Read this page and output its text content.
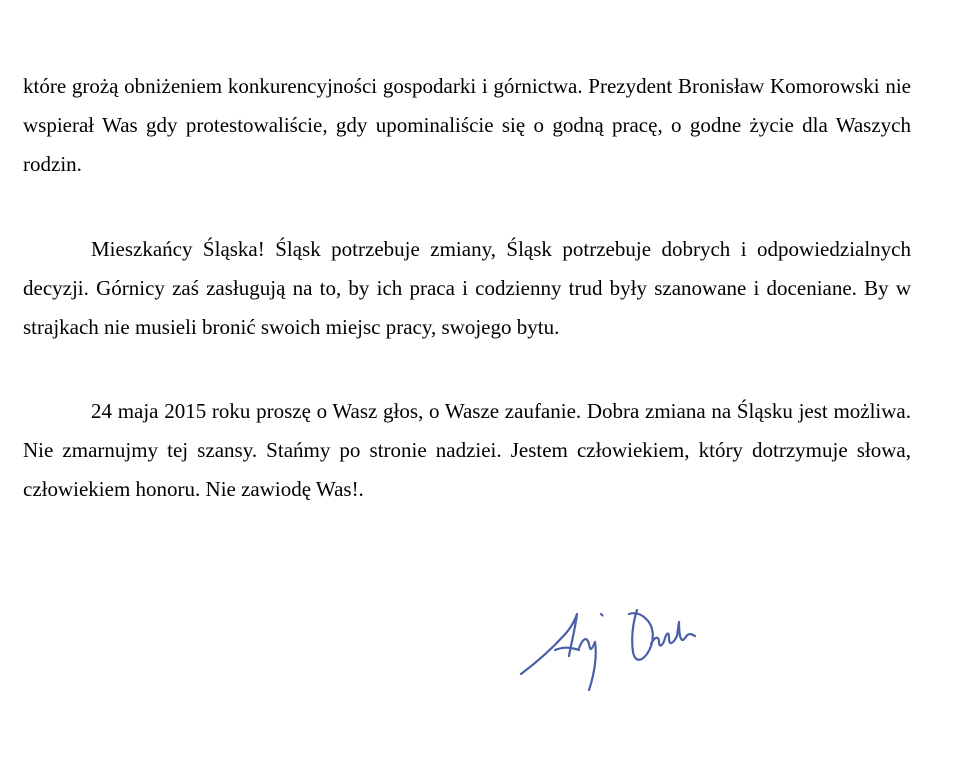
które grożą obniżeniem konkurencyjności gospodarki i górnictwa. Prezydent Bronisław Komorowski nie wspierał Was gdy protestowaliście, gdy upominaliście się o godną pracę, o godne życie dla Waszych rodzin.

Mieszkańcy Śląska! Śląsk potrzebuje zmiany, Śląsk potrzebuje dobrych i odpowiedzialnych decyzji. Górnicy zaś zasługują na to, by ich praca i codzienny trud były szanowane i doceniane. By w strajkach nie musieli bronić swoich miejsc pracy, swojego bytu.

24 maja 2015 roku proszę o Wasz głos, o Wasze zaufanie. Dobra zmiana na Śląsku jest możliwa. Nie zmarnujmy tej szansy. Stańmy po stronie nadziei. Jestem człowiekiem, który dotrzymuje słowa, człowiekiem honoru. Nie zawiodę Was!.
